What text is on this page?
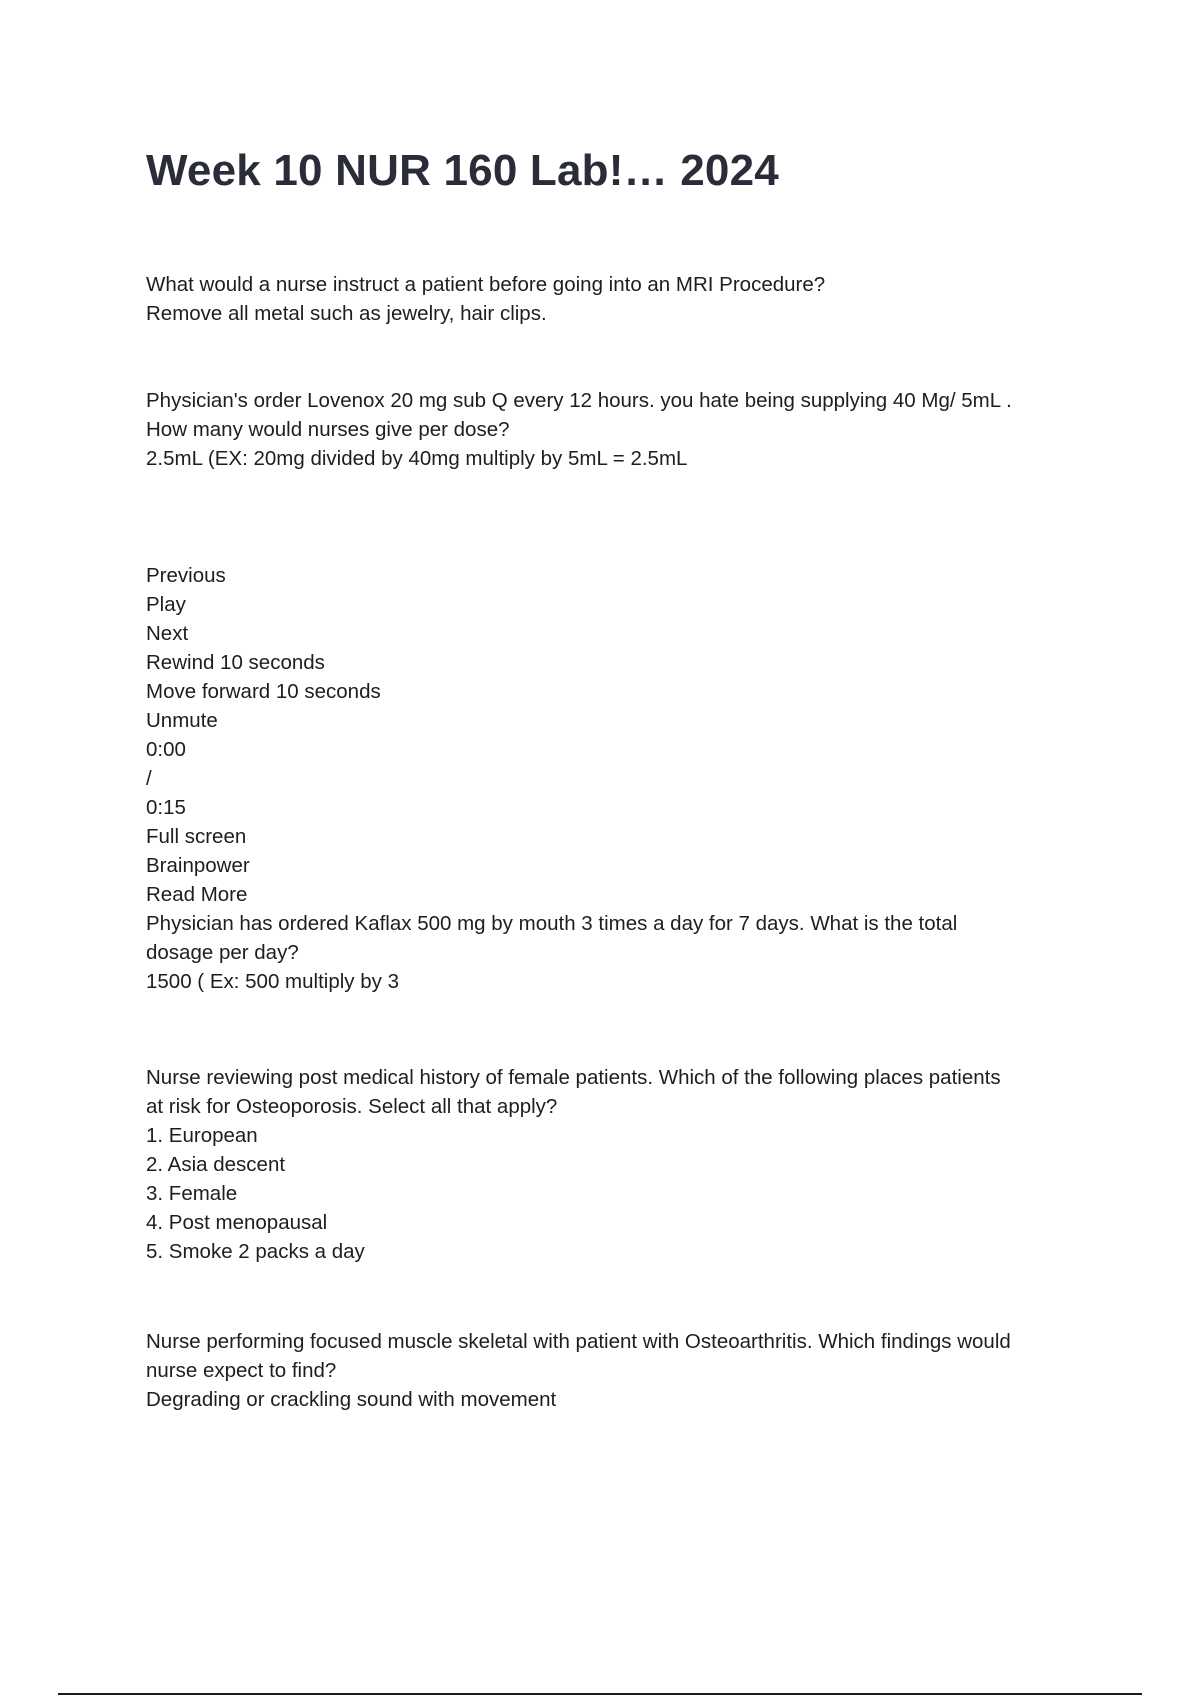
Week 10 NUR 160 Lab!… 2024
What would a nurse instruct a patient before going into an MRI Procedure?
Remove all metal such as jewelry, hair clips.
Physician's order Lovenox 20 mg sub Q every 12 hours. you hate being supplying 40 Mg/ 5mL .
How many would nurses give per dose?
2.5mL (EX: 20mg divided by 40mg multiply by 5mL = 2.5mL
Previous
Play
Next
Rewind 10 seconds
Move forward 10 seconds
Unmute
0:00
/
0:15
Full screen
Brainpower
Read More
Physician has ordered Kaflax 500 mg by mouth 3 times a day for 7 days. What is the total
dosage per day?
1500 ( Ex: 500 multiply by 3
Nurse reviewing post medical history of female patients. Which of the following places patients
at risk for Osteoporosis. Select all that apply?
1. European
2. Asia descent
3. Female
4. Post menopausal
5. Smoke 2 packs a day
Nurse performing focused muscle skeletal with patient with Osteoarthritis. Which findings would
nurse expect to find?
Degrading or crackling sound with movement
